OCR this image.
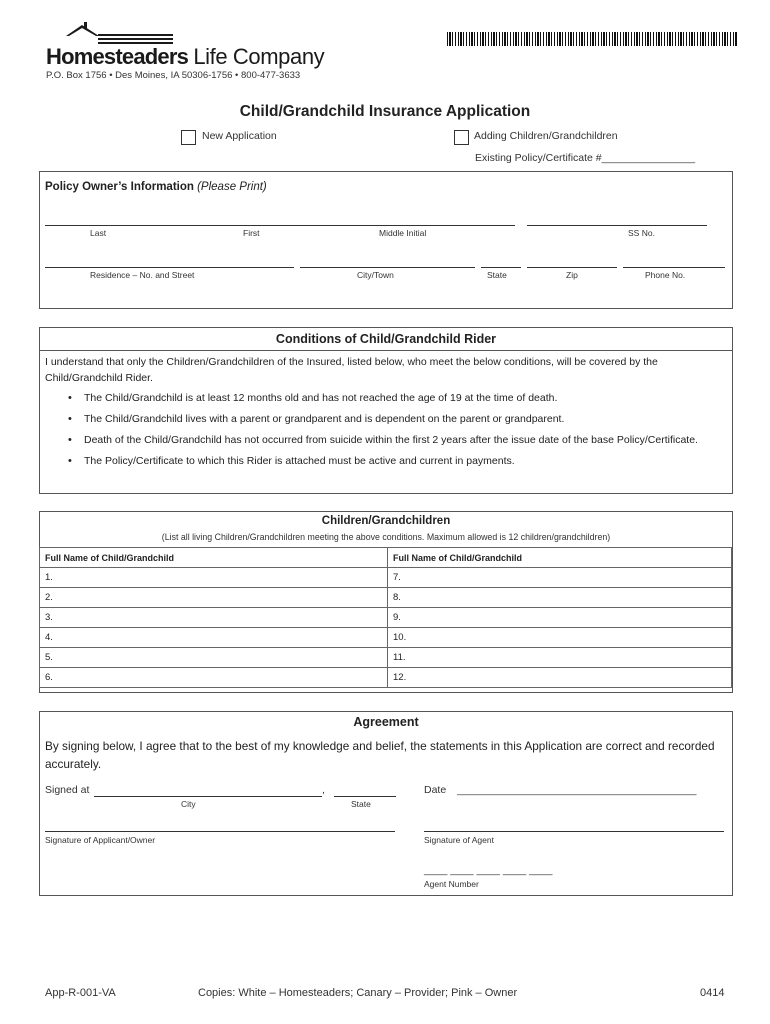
Homesteaders Life Company
P.O. Box 1756 • Des Moines, IA 50306-1756 • 800-477-3633
Child/Grandchild Insurance Application
New Application	Adding Children/Grandchildren
Existing Policy/Certificate #________________
Policy Owner’s Information (Please Print)
Last	First	Middle Initial	SS No.
Residence – No. and Street	City/Town	State	Zip	Phone No.
Conditions of Child/Grandchild Rider
I understand that only the Children/Grandchildren of the Insured, listed below, who meet the below conditions, will be covered by the Child/Grandchild Rider.
• The Child/Grandchild is at least 12 months old and has not reached the age of 19 at the time of death.
• The Child/Grandchild lives with a parent or grandparent and is dependent on the parent or grandparent.
• Death of the Child/Grandchild has not occurred from suicide within the first 2 years after the issue date of the base Policy/Certificate.
• The Policy/Certificate to which this Rider is attached must be active and current in payments.
Children/Grandchildren
(List all living Children/Grandchildren meeting the above conditions. Maximum allowed is 12 children/grandchildren)
Full Name of Child/Grandchild	Full Name of Child/Grandchild
1.	7.
2.	8.
3.	9.
4.	10.
5.	11.
6.	12.
Agreement
By signing below, I agree that to the best of my knowledge and belief, the statements in this Application are correct and recorded accurately.
Signed at	,
City	State
Date _________________________________________
Signature of Applicant/Owner	Signature of Agent
____ ____ ____ ____ ____
Agent Number
App-R-001-VA	Copies: White – Homesteaders; Canary – Provider; Pink – Owner	0414
